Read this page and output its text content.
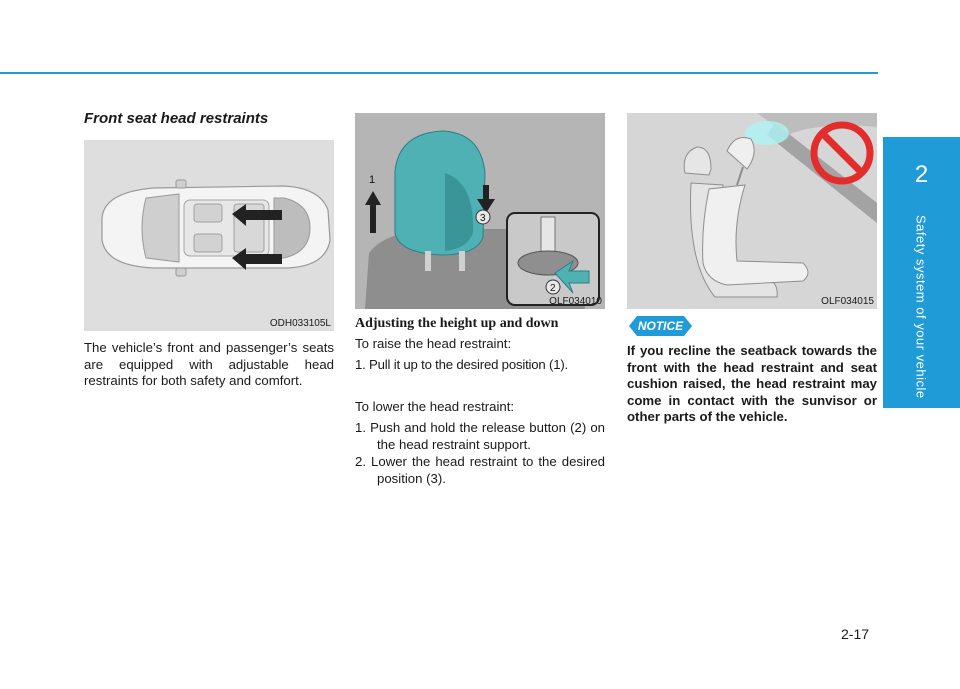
2
Safety system of your vehicle
Front seat head restraints
ODH033105L
The vehicle’s front and passenger’s seats are equipped with adjustable head restraints for both safety and comfort.
1
3
2
OLF034010
Adjusting the height up and down
To raise the head restraint:
1. Pull it up to the desired position (1).
To lower the head restraint:
1. Push and hold the release button (2) on the head restraint support.
2. Lower the head restraint to the desired position (3).
OLF034015
NOTICE
If you recline the seatback towards the front with the head restraint and seat cushion raised, the head restraint may come in contact with the sunvisor or other parts of the vehicle.
2-17
